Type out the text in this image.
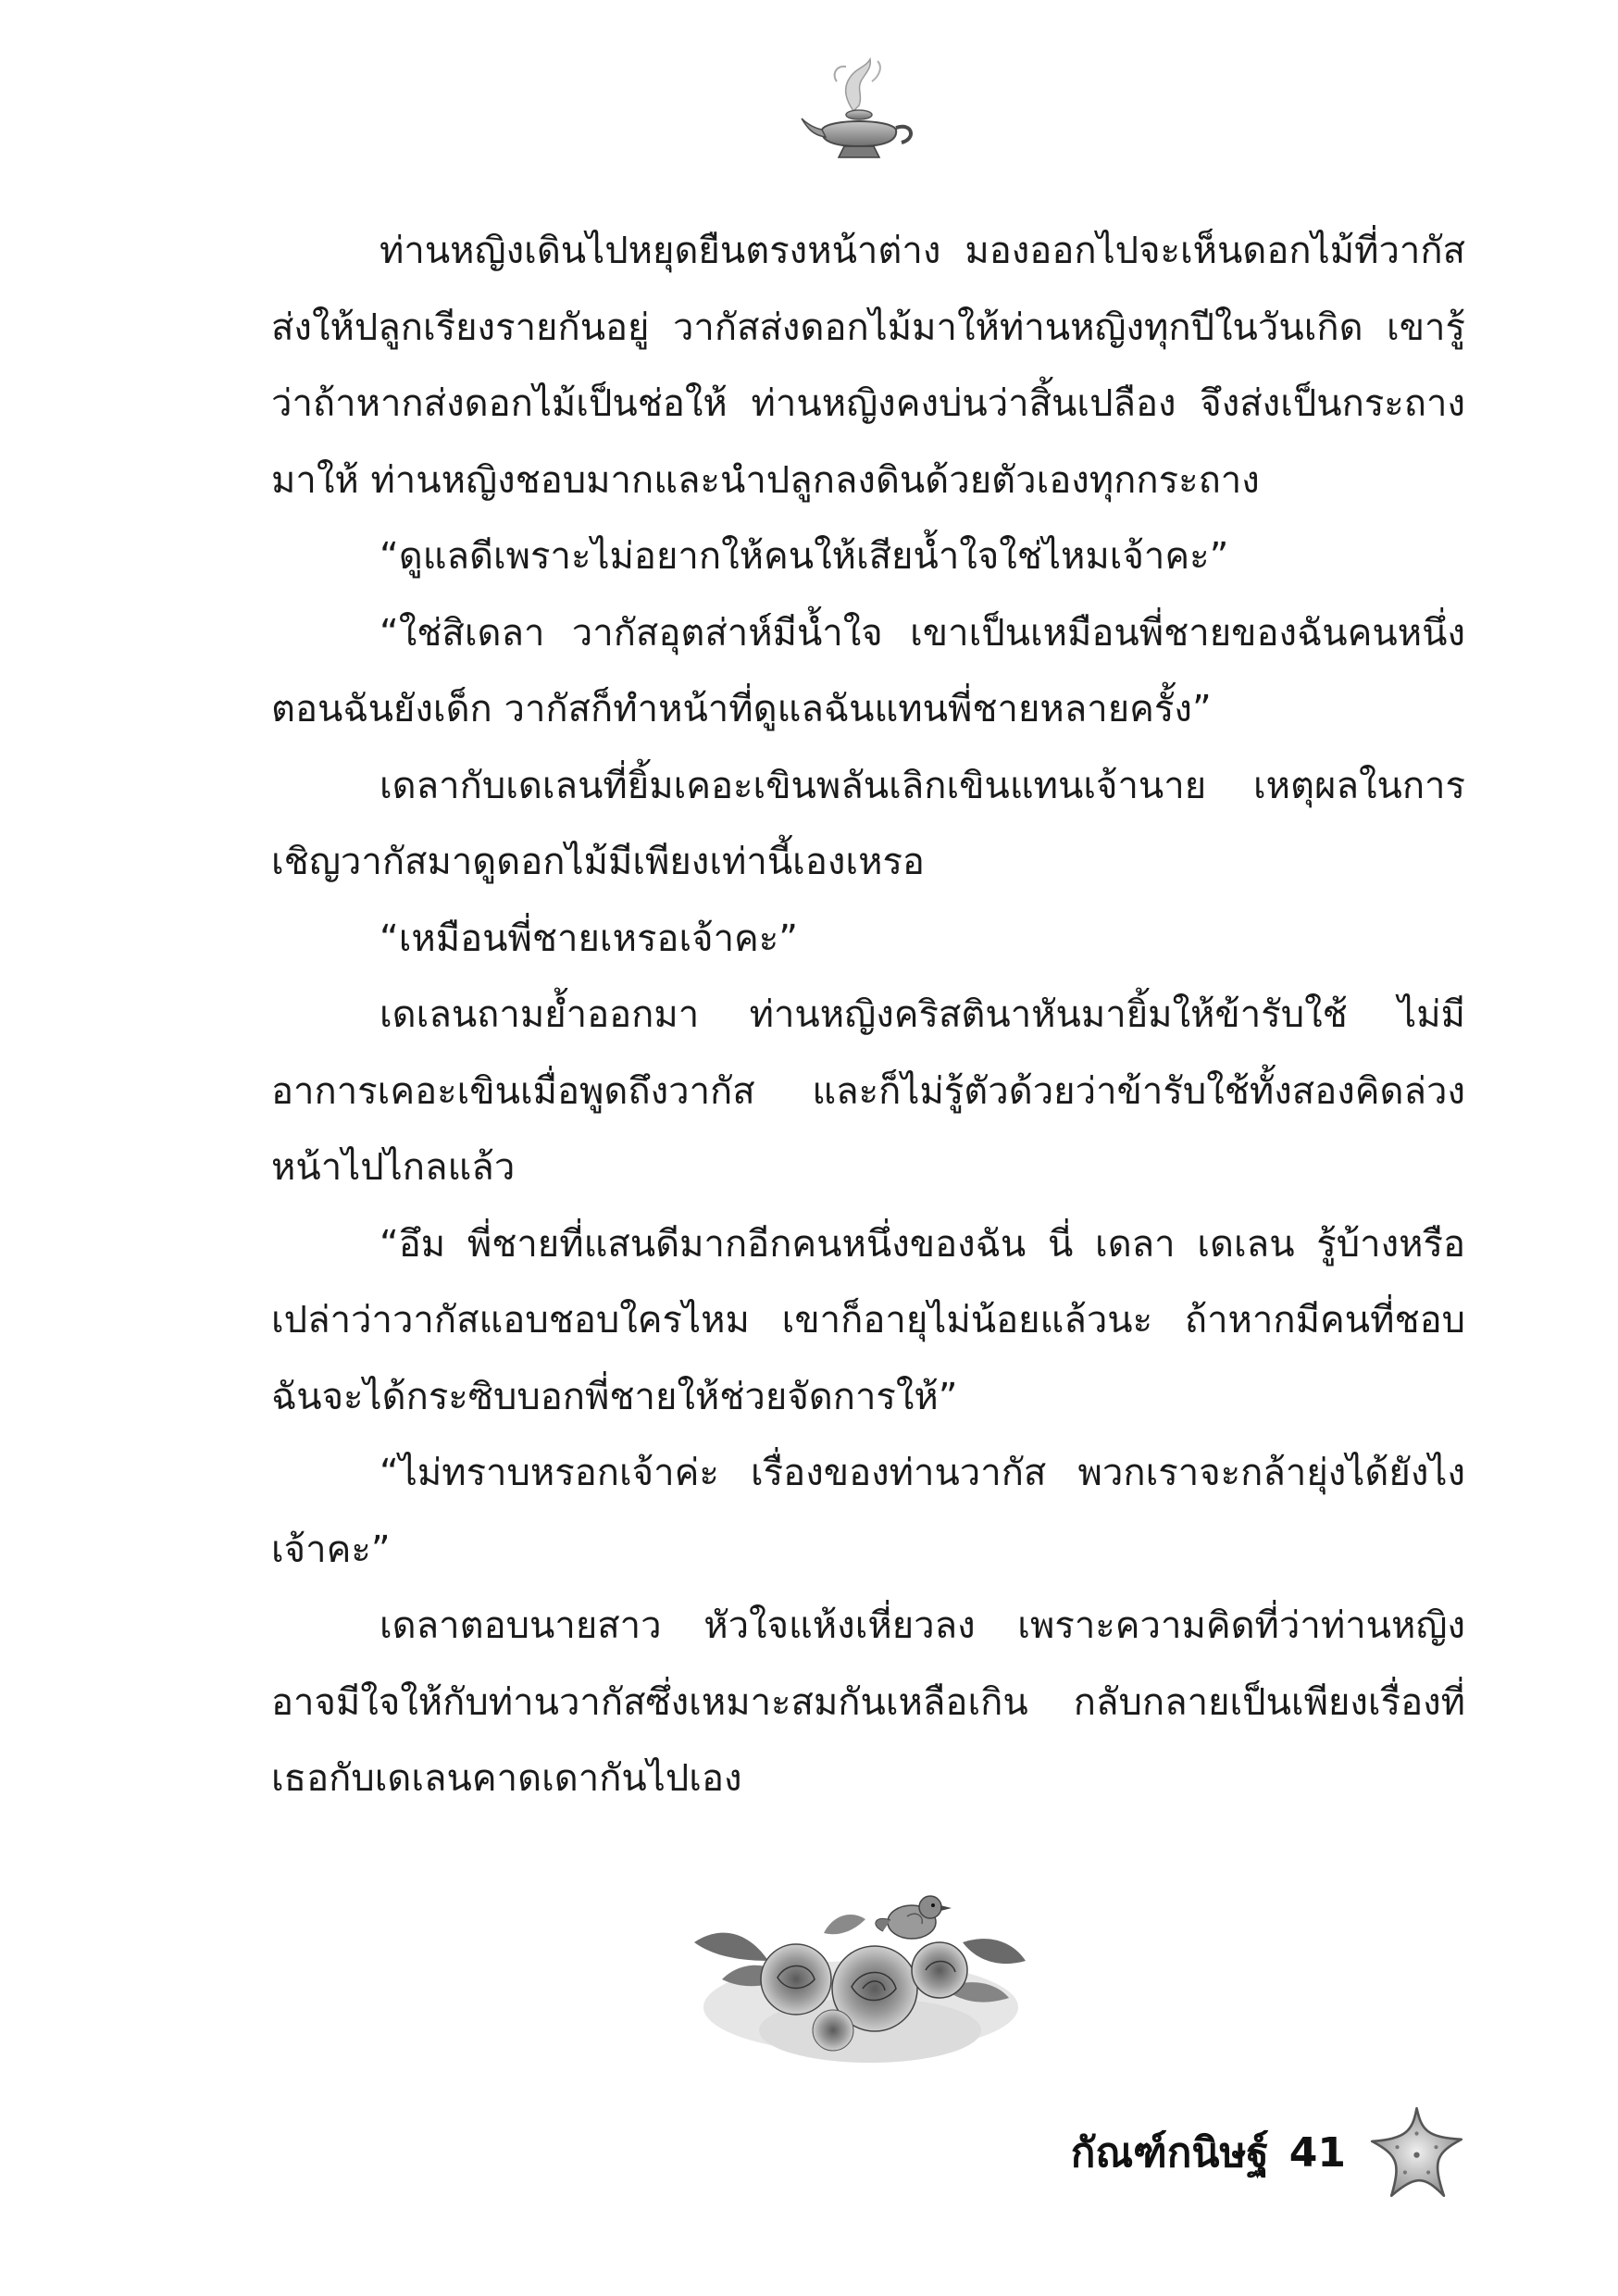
ท่านหญิงเดินไปหยุดยืนตรงหน้าต่าง มองออกไปจะเห็นดอกไม้ที่วากัสส่งให้ปลูกเรียงรายกันอยู่ วากัสส่งดอกไม้มาให้ท่านหญิงทุกปีในวันเกิด เขารู้ว่าถ้าหากส่งดอกไม้เป็นช่อให้ ท่านหญิงคงบ่นว่าสิ้นเปลือง จึงส่งเป็นกระถางมาให้ ท่านหญิงชอบมากและนำปลูกลงดินด้วยตัวเองทุกกระถาง

“ดูแลดีเพราะไม่อยากให้คนให้เสียน้ำใจใช่ไหมเจ้าคะ”

“ใช่สิเดลา วากัสอุตส่าห์มีน้ำใจ เขาเป็นเหมือนพี่ชายของฉันคนหนึ่ง ตอนฉันยังเด็ก วากัสก็ทำหน้าที่ดูแลฉันแทนพี่ชายหลายครั้ง”

เดลากับเดเลนที่ยิ้มเคอะเขินพลันเลิกเขินแทนเจ้านาย เหตุผลในการเชิญวากัสมาดูดอกไม้มีเพียงเท่านี้เองเหรอ

“เหมือนพี่ชายเหรอเจ้าคะ”

เดเลนถามย้ำออกมา ท่านหญิงคริสตินาหันมายิ้มให้ข้ารับใช้ ไม่มีอาการเคอะเขินเมื่อพูดถึงวากัส และก็ไม่รู้ตัวด้วยว่าข้ารับใช้ทั้งสองคิดล่วงหน้าไปไกลแล้ว

“อึม พี่ชายที่แสนดีมากอีกคนหนึ่งของฉัน นี่ เดลา เดเลน รู้บ้างหรือเปล่าว่าวากัสแอบชอบใครไหม เขาก็อายุไม่น้อยแล้วนะ ถ้าหากมีคนที่ชอบ ฉันจะได้กระซิบบอกพี่ชายให้ช่วยจัดการให้”

“ไม่ทราบหรอกเจ้าค่ะ เรื่องของท่านวากัส พวกเราจะกล้ายุ่งได้ยังไงเจ้าคะ”

เดลาตอบนายสาว หัวใจแห้งเหี่ยวลง เพราะความคิดที่ว่าท่านหญิงอาจมีใจให้กับท่านวากัสซึ่งเหมาะสมกันเหลือเกิน กลับกลายเป็นเพียงเรื่องที่เธอกับเดเลนคาดเดากันไปเอง

กัณฑ์กนิษฐ์ 41
